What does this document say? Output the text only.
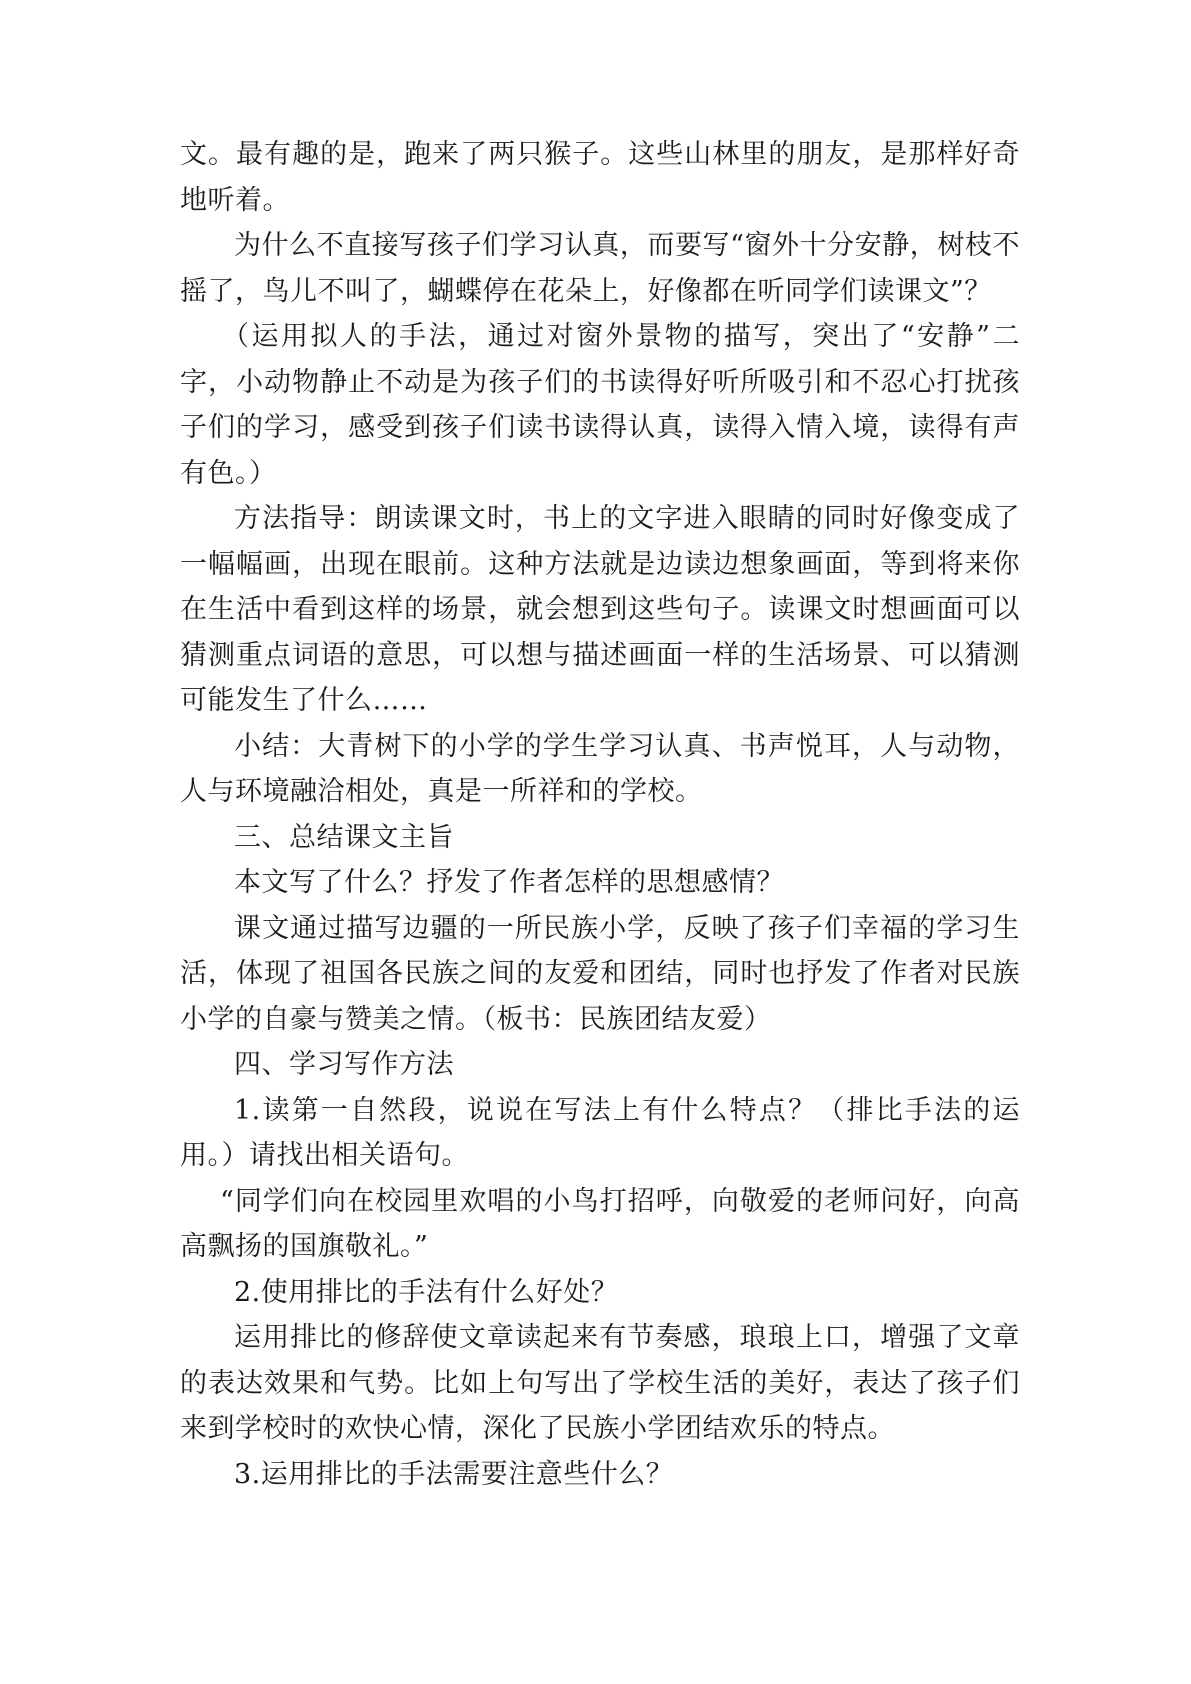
文。最有趣的是，跑来了两只猴子。这些山林里的朋友，是那样好奇地听着。

为什么不直接写孩子们学习认真，而要写“窗外十分安静，树枝不摇了，鸟儿不叫了，蝴蝶停在花朵上，好像都在听同学们读课文”？

（运用拟人的手法，通过对窗外景物的描写，突出了“安静”二字，小动物静止不动是为孩子们的书读得好听所吸引和不忍心打扰孩子们的学习，感受到孩子们读书读得认真，读得入情入境，读得有声有色。）

方法指导：朗读课文时，书上的文字进入眼睛的同时好像变成了一幅幅画，出现在眼前。这种方法就是边读边想象画面，等到将来你在生活中看到这样的场景，就会想到这些句子。读课文时想画面可以猜测重点词语的意思，可以想与描述画面一样的生活场景、可以猜测可能发生了什么……

小结：大青树下的小学的学生学习认真、书声悦耳，人与动物，人与环境融洽相处，真是一所祥和的学校。

三、总结课文主旨

本文写了什么？抒发了作者怎样的思想感情？

课文通过描写边疆的一所民族小学，反映了孩子们幸福的学习生活，体现了祖国各民族之间的友爱和团结，同时也抒发了作者对民族小学的自豪与赞美之情。（板书：民族团结友爱）

四、学习写作方法

1.读第一自然段，说说在写法上有什么特点？（排比手法的运用。）请找出相关语句。

“同学们向在校园里欢唱的小鸟打招呼，向敬爱的老师问好，向高高飘扬的国旗敬礼。”

2.使用排比的手法有什么好处？

运用排比的修辞使文章读起来有节奏感，琅琅上口，增强了文章的表达效果和气势。比如上句写出了学校生活的美好，表达了孩子们来到学校时的欢快心情，深化了民族小学团结欢乐的特点。

3.运用排比的手法需要注意些什么？
